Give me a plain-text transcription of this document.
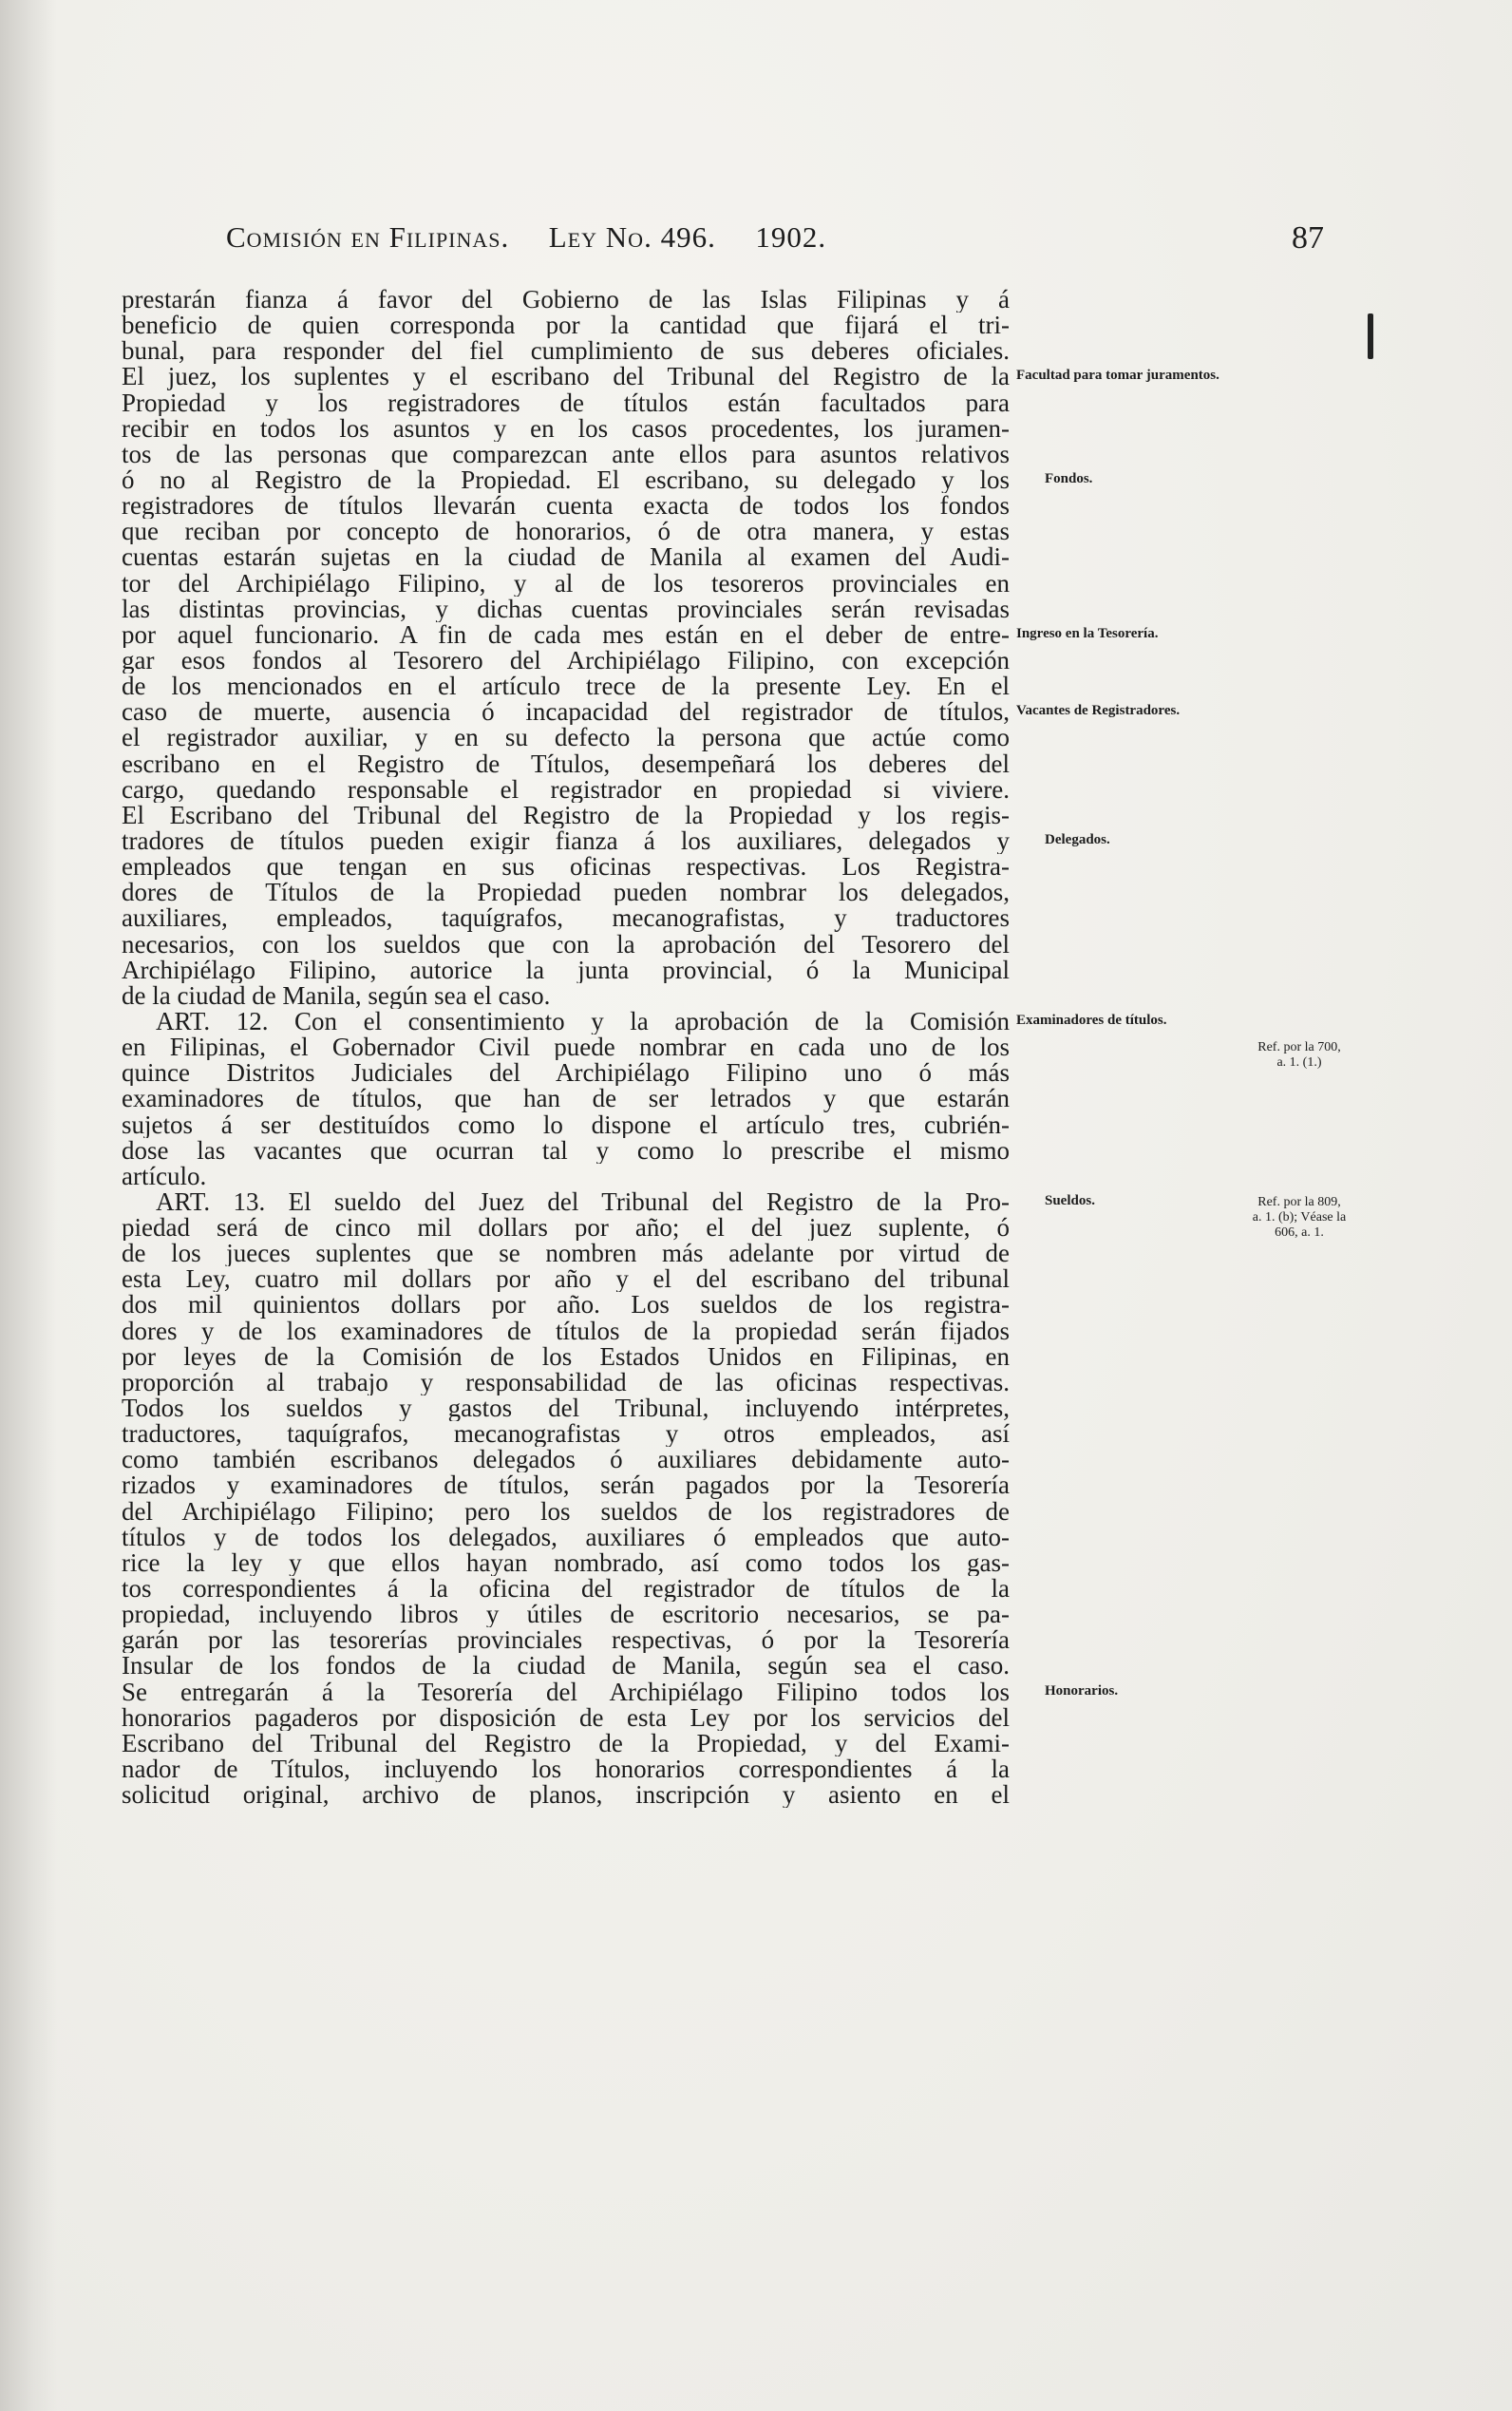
Comisión en Filipinas. Ley No. 496. 1902.	87
prestarán fianza á favor del Gobierno de las Islas Filipinas y á
beneficio de quien corresponda por la cantidad que fijará el tri-
bunal, para responder del fiel cumplimiento de sus deberes oficiales.
El juez, los suplentes y el escribano del Tribunal del Registro de la
Propiedad y los registradores de títulos están facultados para
recibir en todos los asuntos y en los casos procedentes, los juramen-
tos de las personas que comparezcan ante ellos para asuntos relativos
ó no al Registro de la Propiedad. El escribano, su delegado y los
registradores de títulos llevarán cuenta exacta de todos los fondos
que reciban por concepto de honorarios, ó de otra manera, y estas
cuentas estarán sujetas en la ciudad de Manila al examen del Audi-
tor del Archipiélago Filipino, y al de los tesoreros provinciales en
las distintas provincias, y dichas cuentas provinciales serán revisadas
por aquel funcionario. A fin de cada mes están en el deber de entre-
gar esos fondos al Tesorero del Archipiélago Filipino, con excepción
de los mencionados en el artículo trece de la presente Ley. En el
caso de muerte, ausencia ó incapacidad del registrador de títulos,
el registrador auxiliar, y en su defecto la persona que actúe como
escribano en el Registro de Títulos, desempeñará los deberes del
cargo, quedando responsable el registrador en propiedad si viviere.
El Escribano del Tribunal del Registro de la Propiedad y los regis-
tradores de títulos pueden exigir fianza á los auxiliares, delegados y
empleados que tengan en sus oficinas respectivas. Los Registra-
dores de Títulos de la Propiedad pueden nombrar los delegados,
auxiliares, empleados, taquígrafos, mecanografistas, y traductores
necesarios, con los sueldos que con la aprobación del Tesorero del
Archipiélago Filipino, autorice la junta provincial, ó la Municipal
de la ciudad de Manila, según sea el caso.
ART. 12. Con el consentimiento y la aprobación de la Comisión
en Filipinas, el Gobernador Civil puede nombrar en cada uno de los
quince Distritos Judiciales del Archipiélago Filipino uno ó más
examinadores de títulos, que han de ser letrados y que estarán
sujetos á ser destituídos como lo dispone el artículo tres, cubrién-
dose las vacantes que ocurran tal y como lo prescribe el mismo
artículo.
ART. 13. El sueldo del Juez del Tribunal del Registro de la Pro-
piedad será de cinco mil dollars por año; el del juez suplente, ó
de los jueces suplentes que se nombren más adelante por virtud de
esta Ley, cuatro mil dollars por año y el del escribano del tribunal
dos mil quinientos dollars por año. Los sueldos de los registra-
dores y de los examinadores de títulos de la propiedad serán fijados
por leyes de la Comisión de los Estados Unidos en Filipinas, en
proporción al trabajo y responsabilidad de las oficinas respectivas.
Todos los sueldos y gastos del Tribunal, incluyendo intérpretes,
traductores, taquígrafos, mecanografistas y otros empleados, así
como también escribanos delegados ó auxiliares debidamente auto-
rizados y examinadores de títulos, serán pagados por la Tesorería
del Archipiélago Filipino; pero los sueldos de los registradores de
títulos y de todos los delegados, auxiliares ó empleados que auto-
rice la ley y que ellos hayan nombrado, así como todos los gas-
tos correspondientes á la oficina del registrador de títulos de la
propiedad, incluyendo libros y útiles de escritorio necesarios, se pa-
garán por las tesorerías provinciales respectivas, ó por la Tesorería
Insular de los fondos de la ciudad de Manila, según sea el caso.
Se entregarán á la Tesorería del Archipiélago Filipino todos los
honorarios pagaderos por disposición de esta Ley por los servicios del
Escribano del Tribunal del Registro de la Propiedad, y del Exami-
nador de Títulos, incluyendo los honorarios correspondientes á la
solicitud original, archivo de planos, inscripción y asiento en el
Facultad para tomar juramentos.
Fondos.
Ingreso en la Tesorería.
Vacantes de Registradores.
Delegados.
Examinadores de títulos.
Sueldos.
Honorarios.
Ref. por la 700, a. 1. (1.)
Ref. por la 809, a. 1. (b); Véase la 606, a. 1.
